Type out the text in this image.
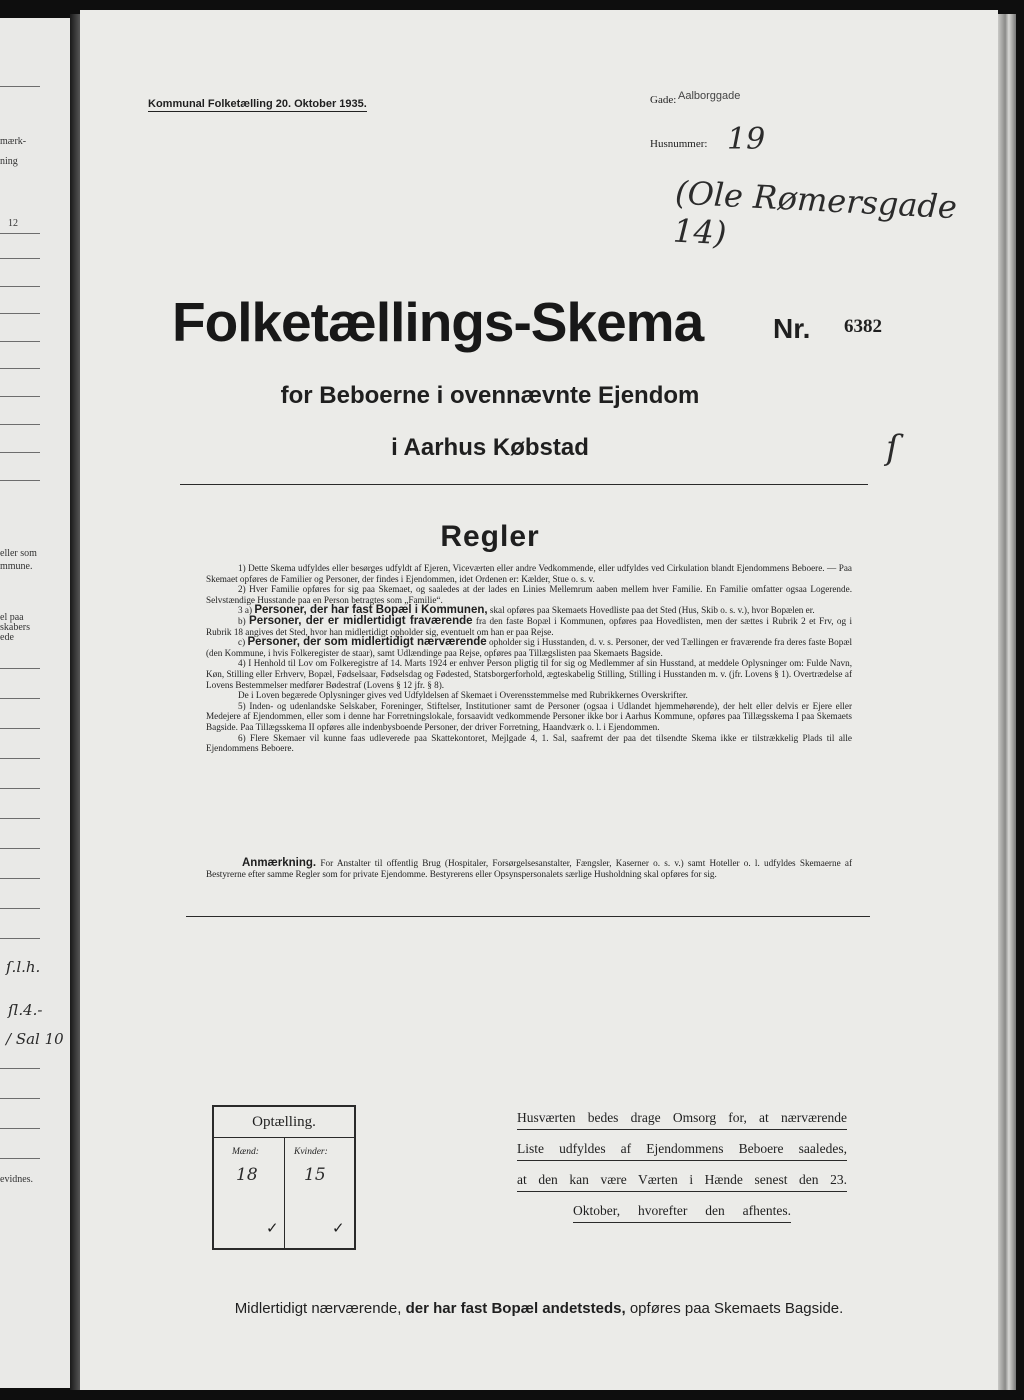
mærk-
ning
12
eller som
mmune.
el paa
skabers
ede
ſ.l.h.
ſl.4.-
/ Sal 10
evidnes.
Kommunal Folketælling 20. Oktober 1935.	Gade: Aalborggade
Husnummer: 19
(Ole Rømersgade 14)
Folketællings-Skema Nr. 6382
for Beboerne i ovennævnte Ejendom
i Aarhus Købstad	ſ
Regler

1) Dette Skema udfyldes eller besørges udfyldt af Ejeren, Viceværten eller andre Vedkommende, eller udfyldes ved Cirkulation blandt Ejendommens Beboere. — Paa Skemaet opføres de Familier og Personer, der findes i Ejendommen, idet Ordenen er: Kælder, Stue o. s. v.

2) Hver Familie opføres for sig paa Skemaet, og saaledes at der lades en Linies Mellemrum aaben mellem hver Familie. En Familie omfatter ogsaa Logerende. Selvstændige Husstande paa en Person betragtes som „Familie“.

3 a) Personer, der har fast Bopæl i Kommunen, skal opføres paa Skemaets Hovedliste paa det Sted (Hus, Skib o. s. v.), hvor Bopælen er.

b) Personer, der er midlertidigt fraværende fra den faste Bopæl i Kommunen, opføres paa Hovedlisten, men der sættes i Rubrik 2 et Frv, og i Rubrik 18 angives det Sted, hvor han midlertidigt opholder sig, eventuelt om han er paa Rejse.

c) Personer, der som midlertidigt nærværende opholder sig i Husstanden, d. v. s. Personer, der ved Tællingen er fraværende fra deres faste Bopæl (den Kommune, i hvis Folkeregister de staar), samt Udlændinge paa Rejse, opføres paa Tillægslisten paa Skemaets Bagside.

4) I Henhold til Lov om Folkeregistre af 14. Marts 1924 er enhver Person pligtig til for sig og Medlemmer af sin Husstand, at meddele Oplysninger om: Fulde Navn, Køn, Stilling eller Erhverv, Bopæl, Fødselsaar, Fødselsdag og Fødested, Statsborgerforhold, ægteskabelig Stilling, Stilling i Husstanden m. v. (jfr. Lovens § 1). Overtrædelse af Lovens Bestemmelser medfører Bødestraf (Lovens § 12 jfr. § 8).

De i Loven begærede Oplysninger gives ved Udfyldelsen af Skemaet i Overensstemmelse med Rubrikkernes Overskrifter.

5) Inden- og udenlandske Selskaber, Foreninger, Stiftelser, Institutioner samt de Personer (ogsaa i Udlandet hjemmehørende), der helt eller delvis er Ejere eller Medejere af Ejendommen, eller som i denne har Forretningslokale, forsaavidt vedkommende Personer ikke bor i Aarhus Kommune, opføres paa Tillægsskema I paa Skemaets Bagside. Paa Tillægsskema II opføres alle indenbysboende Personer, der driver Forretning, Haandværk o. l. i Ejendommen.

6) Flere Skemaer vil kunne faas udleverede paa Skattekontoret, Mejlgade 4, 1. Sal, saafremt der paa det tilsendte Skema ikke er tilstrækkelig Plads til alle Ejendommens Beboere.

Anmærkning. For Anstalter til offentlig Brug (Hospitaler, Forsørgelsesanstalter, Fængsler, Kaserner o. s. v.) samt Hoteller o. l. udfyldes Skemaerne af Bestyrerne efter samme Regler som for private Ejendomme. Bestyrerens eller Opsynspersonalets særlige Husholdning skal opføres for sig.
Optælling.
Mænd:	Kvinder:
18	15
✓	✓
Husværten bedes drage Omsorg for, at nærværende
Liste udfyldes af Ejendommens Beboere saaledes,
at den kan være Værten i Hænde senest den 23.
Oktober, hvorefter den afhentes.
Midlertidigt nærværende, der har fast Bopæl andetsteds, opføres paa Skemaets Bagside.
